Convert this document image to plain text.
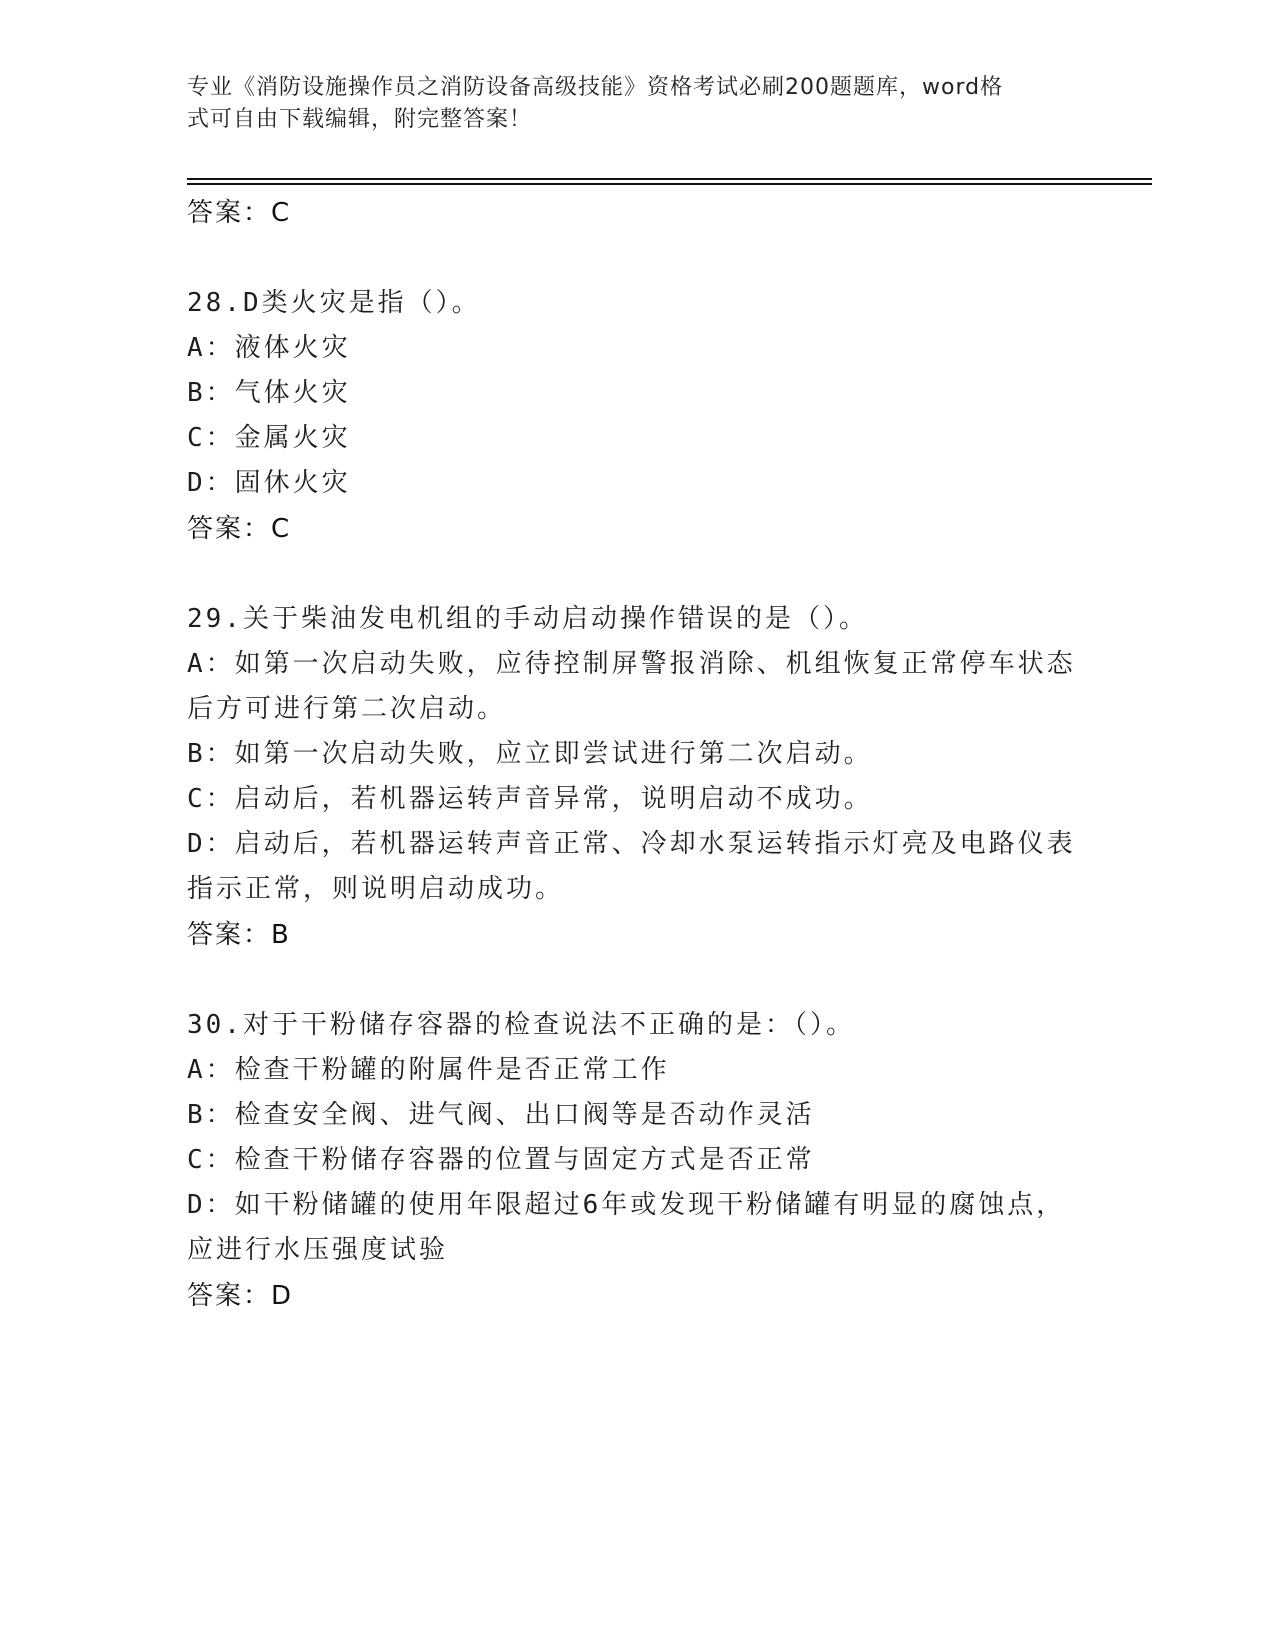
专业《消防设施操作员之消防设备高级技能》资格考试必刷200题题库，word格
式可自由下载编辑，附完整答案！
答案：C
28.D类火灾是指（）。
A：液体火灾
B：气体火灾
C：金属火灾
D：固休火灾
答案：C
29.关于柴油发电机组的手动启动操作错误的是（）。
A：如第一次启动失败，应待控制屏警报消除、机组恢复正常停车状态
后方可进行第二次启动。
B：如第一次启动失败，应立即尝试进行第二次启动。
C：启动后，若机器运转声音异常，说明启动不成功。
D：启动后，若机器运转声音正常、冷却水泵运转指示灯亮及电路仪表
指示正常，则说明启动成功。
答案：B
30.对于干粉储存容器的检查说法不正确的是：（）。
A：检查干粉罐的附属件是否正常工作
B：检查安全阀、进气阀、出口阀等是否动作灵活
C：检查干粉储存容器的位置与固定方式是否正常
D：如干粉储罐的使用年限超过6年或发现干粉储罐有明显的腐蚀点，
应进行水压强度试验
答案：D
